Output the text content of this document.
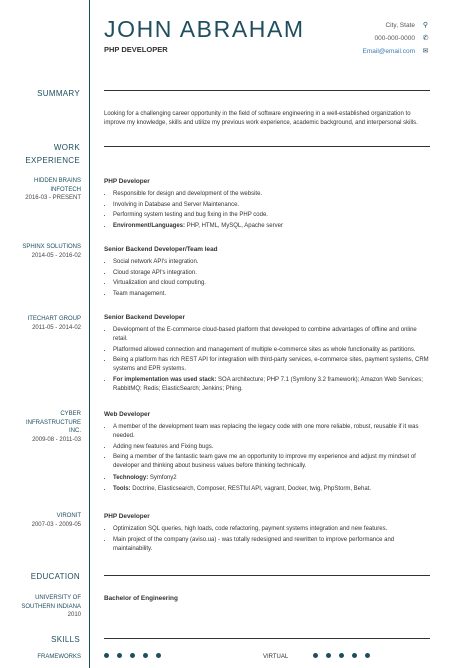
JOHN ABRAHAM
PHP DEVELOPER
City, State ⚲
000-000-0000 ✆
Email@email.com ✉
SUMMARY
Looking for a challenging career opportunity in the field of software engineering in a well-established organization to improve my knowledge, skills and utilize my previous work experience, academic background, and interpersonal skills.
WORK
EXPERIENCE
HIDDEN BRAINS
INFOTECH
2016-03 - PRESENT
PHP Developer
• Responsible for design and development of the website.
• Involving in Database and Server Maintenance.
• Performing system testing and bug fixing in the PHP code.
• Environment/Languages: PHP, HTML, MySQL, Apache server
SPHINX SOLUTIONS
2014-05 - 2016-02
Senior Backend Developer/Team lead
• Social network API's integration.
• Cloud storage API's integration.
• Virtualization and cloud computing.
• Team management.
ITECHART GROUP
2011-05 - 2014-02
Senior Backend Developer
• Development of the E-commerce cloud-based platform that developed to combine advantages of offline and online retail.
• Platformed allowed connection and management of multiple e-commerce sites as whole functionality as partitions.
• Being a platform has rich REST API for integration with third-party services, e-commerce sites, payment systems, CRM systems and EPR systems.
• For implementation was used stack: SOA architecture; PHP 7.1 (Symfony 3.2 framework); Amazon Web Services; RabbitMQ; Redis; ElasticSearch; Jenkins; Phing.
CYBER
INFRASTRUCTURE
INC.
2009-08 - 2011-03
Web Developer
• A member of the development team was replacing the legacy code with one more reliable, robust, reusable if it was needed.
• Adding new features and Fixing bugs.
• Being a member of the fantastic team gave me an opportunity to improve my experience and adjust my mindset of developer and thinking about business values before thinking technically.
• Technology: Symfony2
• Tools: Doctrine, Elasticsearch, Composer, RESTful API, vagrant, Docker, twig, PhpStorm, Behat.
VIRONIT
2007-03 - 2009-05
PHP Developer
• Optimization SQL queries, high loads, code refactoring, payment systems integration and new features.
• Main project of the company (aviso.ua) - was totally redesigned and rewritten to improve performance and maintainability.
EDUCATION
UNIVERSITY OF
SOUTHERN INDIANA
2010
Bachelor of Engineering
SKILLS
FRAMEWORKS	VIRTUAL
